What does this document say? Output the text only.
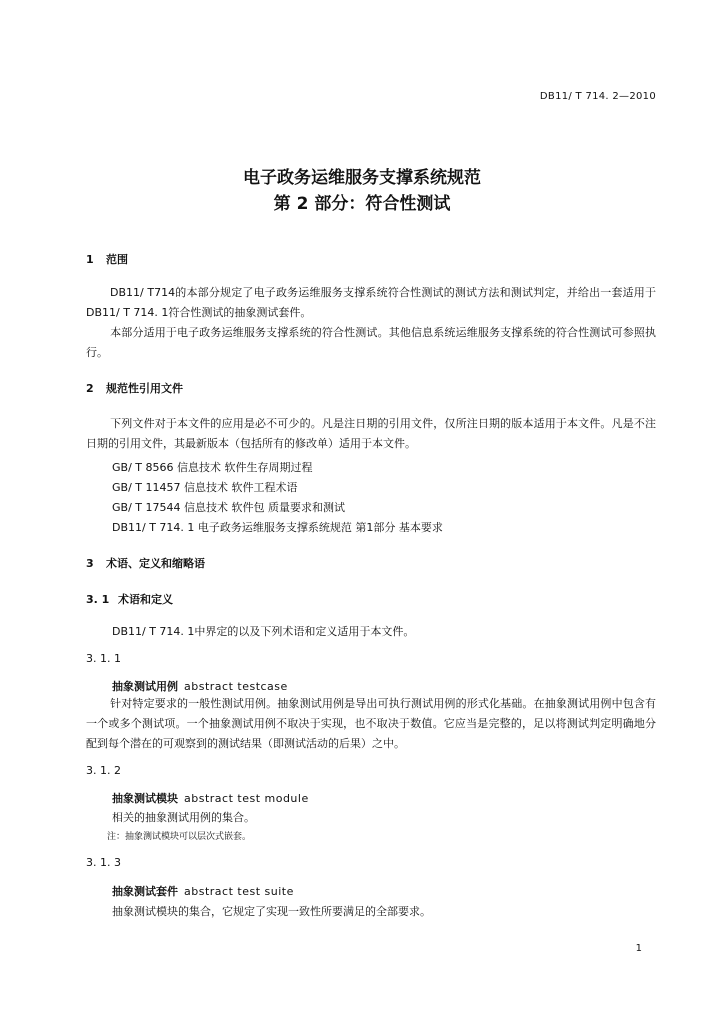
DB11/ T 714. 2—2010
电子政务运维服务支撑系统规范
第 2 部分：符合性测试
1 范围
DB11/ T714的本部分规定了电子政务运维服务支撑系统符合性测试的测试方法和测试判定，并给出一套适用于DB11/ T 714. 1符合性测试的抽象测试套件。
本部分适用于电子政务运维服务支撑系统的符合性测试。其他信息系统运维服务支撑系统的符合性测试可参照执行。
2 规范性引用文件
下列文件对于本文件的应用是必不可少的。凡是注日期的引用文件，仅所注日期的版本适用于本文件。凡是不注日期的引用文件，其最新版本（包括所有的修改单）适用于本文件。
GB/ T 8566 信息技术 软件生存周期过程
GB/ T 11457 信息技术 软件工程术语
GB/ T 17544 信息技术 软件包 质量要求和测试
DB11/ T 714. 1 电子政务运维服务支撑系统规范 第1部分 基本要求
3 术语、定义和缩略语
3. 1 术语和定义
DB11/ T 714. 1中界定的以及下列术语和定义适用于本文件。
3. 1. 1
抽象测试用例 abstract testcase
针对特定要求的一般性测试用例。抽象测试用例是导出可执行测试用例的形式化基础。在抽象测试用例中包含有一个或多个测试项。一个抽象测试用例不取决于实现，也不取决于数值。它应当是完整的，足以将测试判定明确地分配到每个潜在的可观察到的测试结果（即测试活动的后果）之中。
3. 1. 2
抽象测试模块 abstract test module
相关的抽象测试用例的集合。
注：抽象测试模块可以层次式嵌套。
3. 1. 3
抽象测试套件 abstract test suite
抽象测试模块的集合，它规定了实现一致性所要满足的全部要求。
1
